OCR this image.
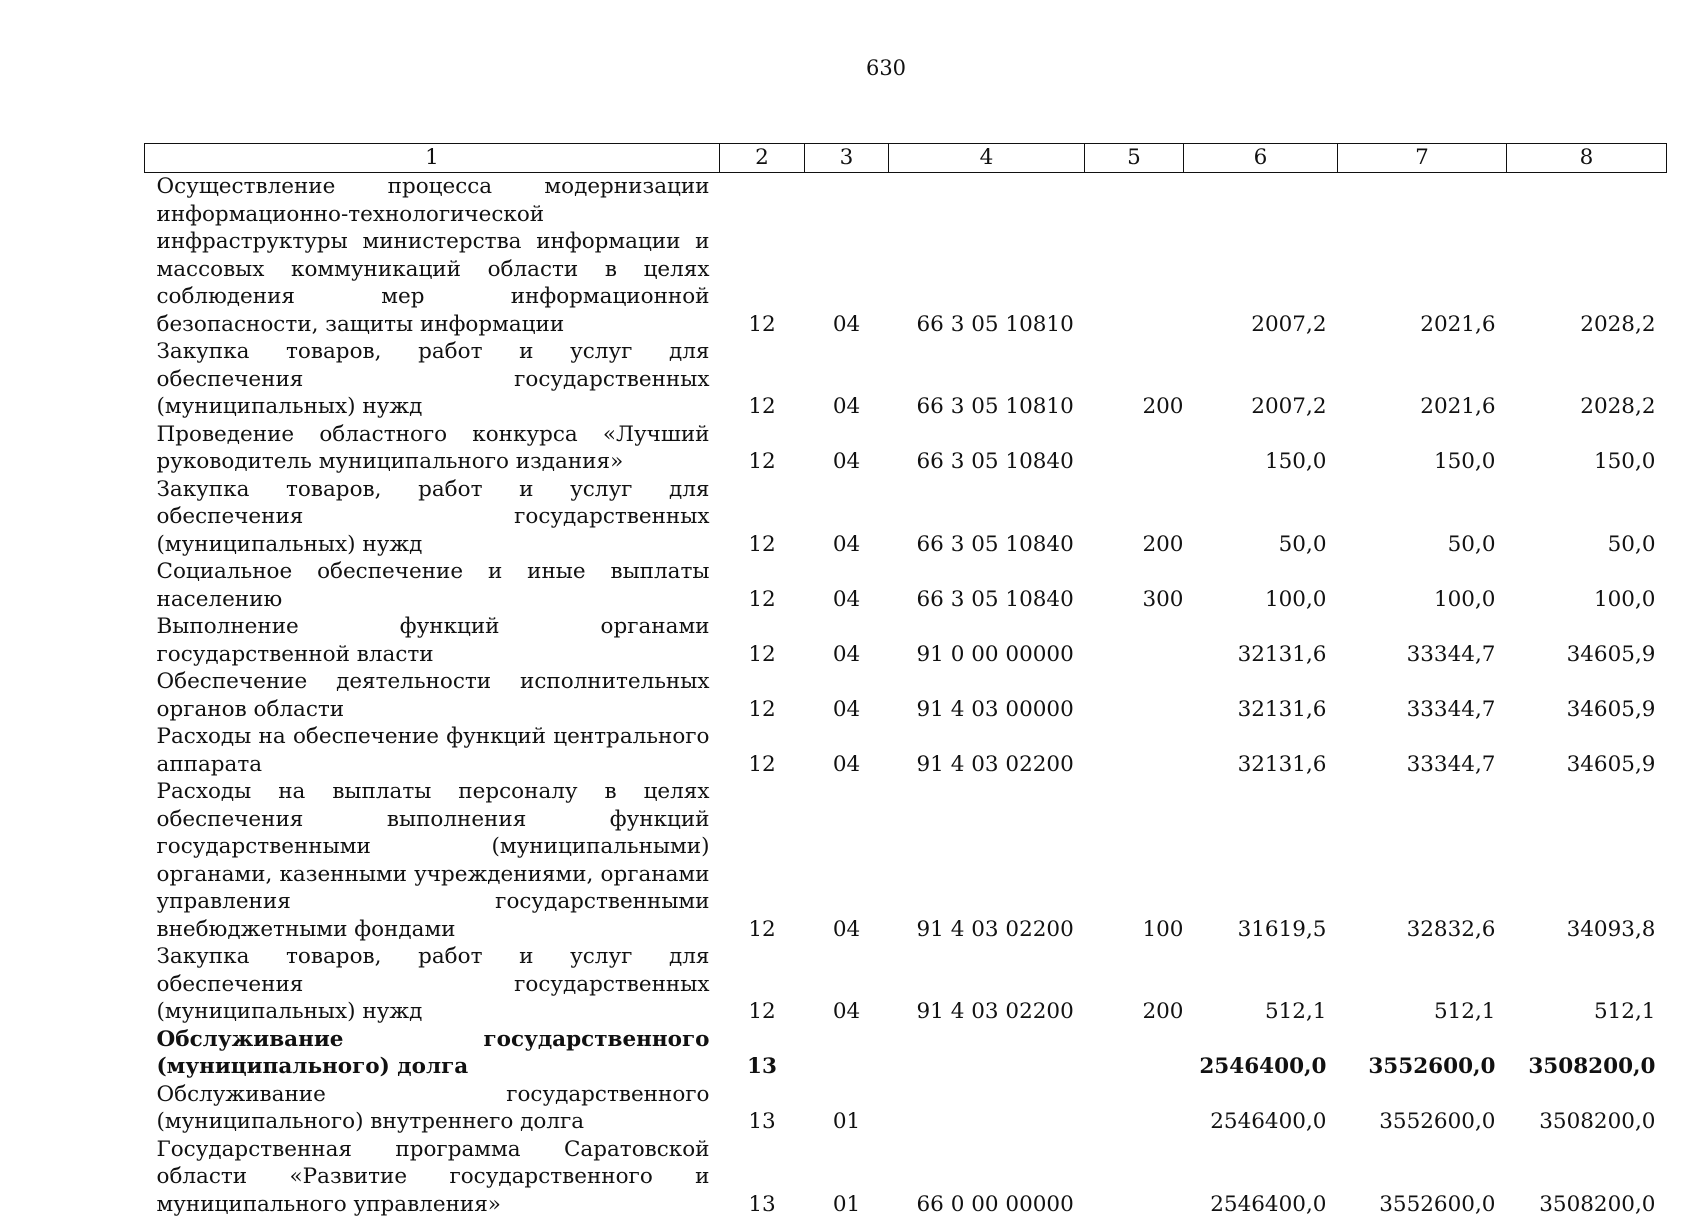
630
1	2	3	4	5	6	7	8
Осуществление процесса модернизации информационно-технологической инфраструктуры министерства информации и массовых коммуникаций области в целях соблюдения мер информационной безопасности, защиты информации	12	04	66 3 05 10810		2007,2	2021,6	2028,2
Закупка товаров, работ и услуг для обеспечения государственных (муниципальных) нужд	12	04	66 3 05 10810	200	2007,2	2021,6	2028,2
Проведение областного конкурса «Лучший руководитель муниципального издания»	12	04	66 3 05 10840		150,0	150,0	150,0
Закупка товаров, работ и услуг для обеспечения государственных (муниципальных) нужд	12	04	66 3 05 10840	200	50,0	50,0	50,0
Социальное обеспечение и иные выплаты населению	12	04	66 3 05 10840	300	100,0	100,0	100,0
Выполнение функций органами государственной власти	12	04	91 0 00 00000		32131,6	33344,7	34605,9
Обеспечение деятельности исполнительных органов области	12	04	91 4 03 00000		32131,6	33344,7	34605,9
Расходы на обеспечение функций центрального аппарата	12	04	91 4 03 02200		32131,6	33344,7	34605,9
Расходы на выплаты персоналу в целях обеспечения выполнения функций государственными (муниципальными) органами, казенными учреждениями, органами управления государственными внебюджетными фондами	12	04	91 4 03 02200	100	31619,5	32832,6	34093,8
Закупка товаров, работ и услуг для обеспечения государственных (муниципальных) нужд	12	04	91 4 03 02200	200	512,1	512,1	512,1
Обслуживание государственного (муниципального) долга	13				2546400,0	3552600,0	3508200,0
Обслуживание государственного (муниципального) внутреннего долга	13	01			2546400,0	3552600,0	3508200,0
Государственная программа Саратовской области «Развитие государственного и муниципального управления»	13	01	66 0 00 00000		2546400,0	3552600,0	3508200,0
